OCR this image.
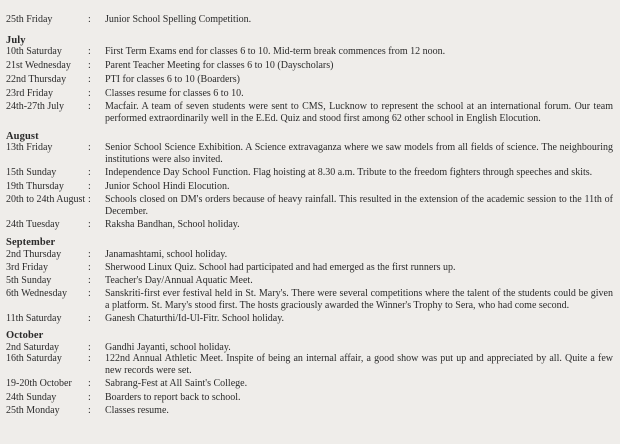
25th Friday	:	Junior School Spelling Competition.
July
10th Saturday	:	First Term Exams end for classes 6 to 10. Mid-term break commences from 12 noon.
21st Wednesday	:	Parent Teacher Meeting for classes 6 to 10 (Dayscholars)
22nd Thursday	:	PTI for classes 6 to 10 (Boarders)
23rd Friday	:	Classes resume for classes 6 to 10.
24th-27th July	:	Macfair. A team of seven students were sent to CMS, Lucknow to represent the school at an international forum. Our team performed extraordinarily well in the E.Ed. Quiz and stood first among 62 other school in English Elocution.
August
13th Friday	:	Senior School Science Exhibition. A Science extravaganza where we saw models from all fields of science. The neighbouring institutions were also invited.
15th Sunday	:	Independence Day School Function. Flag hoisting at 8.30 a.m. Tribute to the freedom fighters through speeches and skits.
19th Thursday	:	Junior School Hindi Elocution.
20th to 24th August :	Schools closed on DM's orders because of heavy rainfall. This resulted in the extension of the academic session to the 11th of December.
24th Tuesday	:	Raksha Bandhan, School holiday.
September
2nd Thursday	:	Janamashtami, school holiday.
3rd Friday	:	Sherwood Linux Quiz. School had participated and had emerged as the first runners up.
5th Sunday	:	Teacher's Day/Annual Aquatic Meet.
6th Wednesday	:	Sanskriti-first ever festival held in St. Mary's. There were several competitions where the talent of the students could be given a platform. St. Mary's stood first. The hosts graciously awarded the Winner's Trophy to Sera, who had come second.
11th Saturday	:	Ganesh Chaturthi/Id-Ul-Fitr. School holiday.
October
2nd Saturday	:	Gandhi Jayanti, school holiday.
16th Saturday	:	122nd Annual Athletic Meet. Inspite of being an internal affair, a good show was put up and appreciated by all. Quite a few new records were set.
19-20th October	:	Sabrang-Fest at All Saint's College.
24th Sunday	:	Boarders to report back to school.
25th Monday	:	Classes resume.
